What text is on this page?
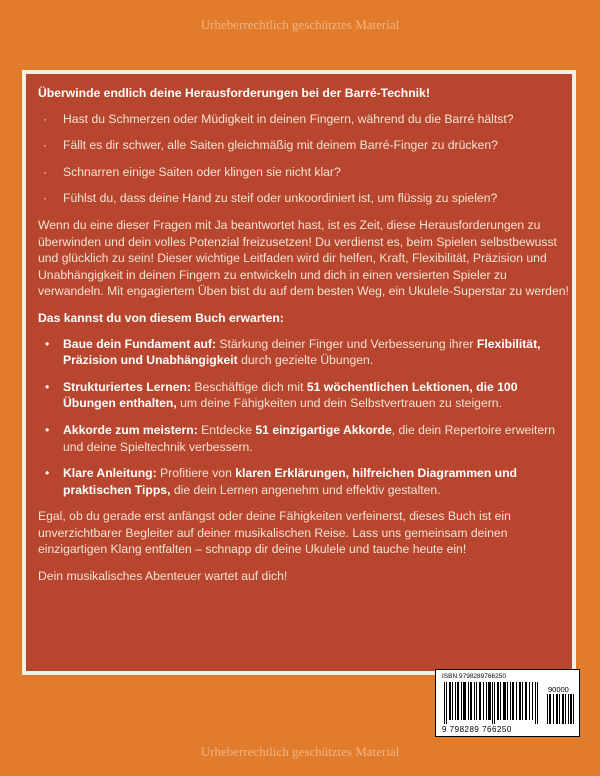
Urheberrechtlich geschütztes Material
Überwinde endlich deine Herausforderungen bei der Barré-Technik!
· Hast du Schmerzen oder Müdigkeit in deinen Fingern, während du die Barré hältst?
· Fällt es dir schwer, alle Saiten gleichmäßig mit deinem Barré-Finger zu drücken?
· Schnarren einige Saiten oder klingen sie nicht klar?
· Fühlst du, dass deine Hand zu steif oder unkoordiniert ist, um flüssig zu spielen?

Wenn du eine dieser Fragen mit Ja beantwortet hast, ist es Zeit, diese Herausforderungen zu überwinden und dein volles Potenzial freizusetzen! Du verdienst es, beim Spielen selbstbewusst und glücklich zu sein! Dieser wichtige Leitfaden wird dir helfen, Kraft, Flexibilität, Präzision und Unabhängigkeit in deinen Fingern zu entwickeln und dich in einen versierten Spieler zu verwandeln. Mit engagiertem Üben bist du auf dem besten Weg, ein Ukulele-Superstar zu werden!

Das kannst du von diesem Buch erwarten:
• Baue dein Fundament auf: Stärkung deiner Finger und Verbesserung ihrer Flexibilität, Präzision und Unabhängigkeit durch gezielte Übungen.
• Strukturiertes Lernen: Beschäftige dich mit 51 wöchentlichen Lektionen, die 100 Übungen enthalten, um deine Fähigkeiten und dein Selbstvertrauen zu steigern.
• Akkorde zum meistern: Entdecke 51 einzigartige Akkorde, die dein Repertoire erweitern und deine Spieltechnik verbessern.
• Klare Anleitung: Profitiere von klaren Erklärungen, hilfreichen Diagrammen und praktischen Tipps, die dein Lernen angenehm und effektiv gestalten.

Egal, ob du gerade erst anfängst oder deine Fähigkeiten verfeinerst, dieses Buch ist ein unverzichtbarer Begleiter auf deiner musikalischen Reise. Lass uns gemeinsam deinen einzigartigen Klang entfalten – schnapp dir deine Ukulele und tauche heute ein!

Dein musikalisches Abenteuer wartet auf dich!

ISBN 9798289766250
90000
9 798289 766250
Urheberrechtlich geschütztes Material
